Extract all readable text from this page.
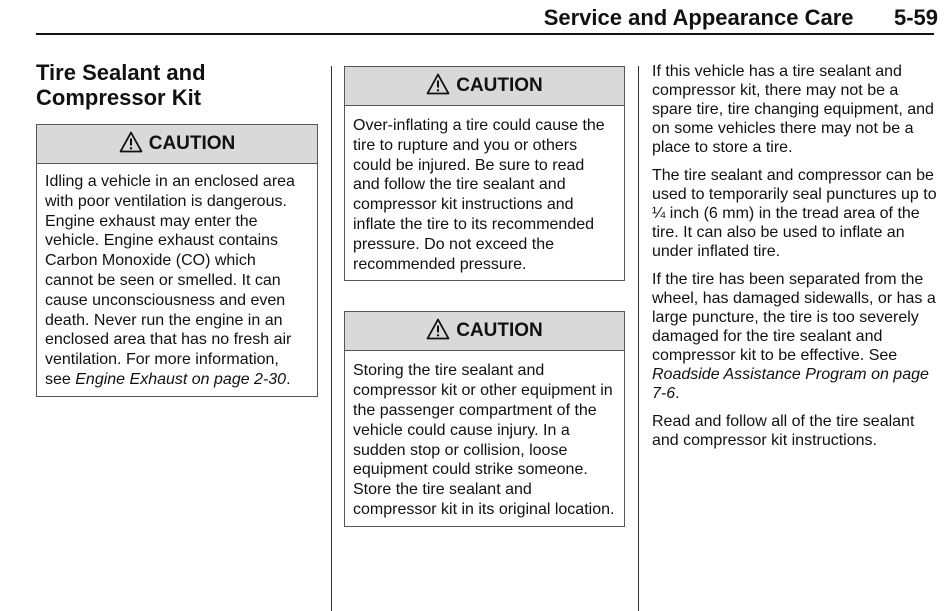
Service and Appearance Care 5-59
Tire Sealant and Compressor Kit
CAUTION
Idling a vehicle in an enclosed area with poor ventilation is dangerous. Engine exhaust may enter the vehicle. Engine exhaust contains Carbon Monoxide (CO) which cannot be seen or smelled. It can cause unconsciousness and even death. Never run the engine in an enclosed area that has no fresh air ventilation. For more information, see Engine Exhaust on page 2-30.
CAUTION
Over-inflating a tire could cause the tire to rupture and you or others could be injured. Be sure to read and follow the tire sealant and compressor kit instructions and inflate the tire to its recommended pressure. Do not exceed the recommended pressure.
CAUTION
Storing the tire sealant and compressor kit or other equipment in the passenger compartment of the vehicle could cause injury. In a sudden stop or collision, loose equipment could strike someone. Store the tire sealant and compressor kit in its original location.

If this vehicle has a tire sealant and compressor kit, there may not be a spare tire, tire changing equipment, and on some vehicles there may not be a place to store a tire.

The tire sealant and compressor can be used to temporarily seal punctures up to ¼ inch (6 mm) in the tread area of the tire. It can also be used to inflate an under inflated tire.

If the tire has been separated from the wheel, has damaged sidewalls, or has a large puncture, the tire is too severely damaged for the tire sealant and compressor kit to be effective. See Roadside Assistance Program on page 7-6.

Read and follow all of the tire sealant and compressor kit instructions.
